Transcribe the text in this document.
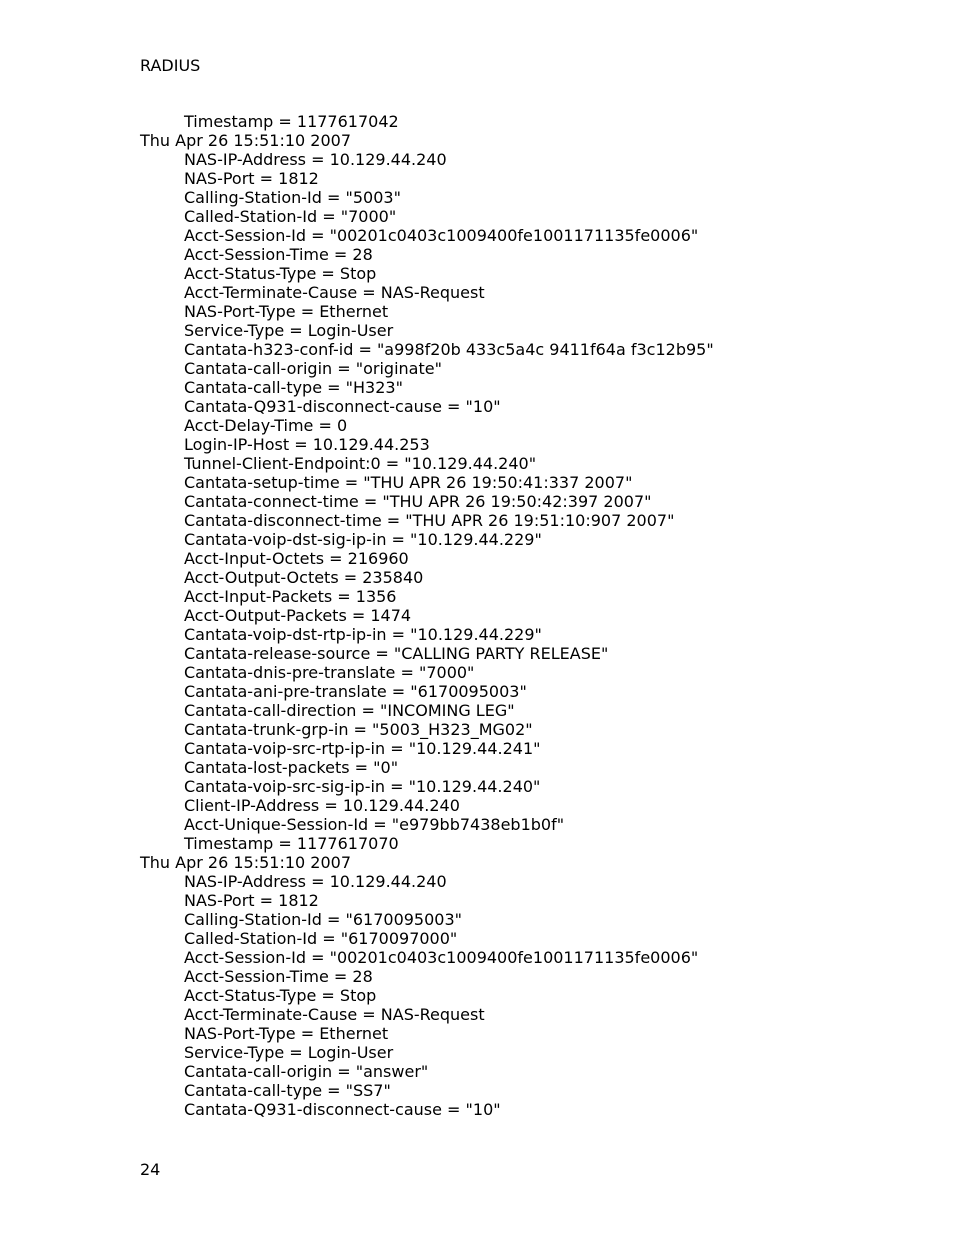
RADIUS
Timestamp = 1177617042
Thu Apr 26 15:51:10 2007
NAS-IP-Address = 10.129.44.240
NAS-Port = 1812
Calling-Station-Id = "5003"
Called-Station-Id = "7000"
Acct-Session-Id = "00201c0403c1009400fe1001171135fe0006"
Acct-Session-Time = 28
Acct-Status-Type = Stop
Acct-Terminate-Cause = NAS-Request
NAS-Port-Type = Ethernet
Service-Type = Login-User
Cantata-h323-conf-id = "a998f20b 433c5a4c 9411f64a f3c12b95"
Cantata-call-origin = "originate"
Cantata-call-type = "H323"
Cantata-Q931-disconnect-cause = "10"
Acct-Delay-Time = 0
Login-IP-Host = 10.129.44.253
Tunnel-Client-Endpoint:0 = "10.129.44.240"
Cantata-setup-time = "THU APR 26 19:50:41:337 2007"
Cantata-connect-time = "THU APR 26 19:50:42:397 2007"
Cantata-disconnect-time = "THU APR 26 19:51:10:907 2007"
Cantata-voip-dst-sig-ip-in = "10.129.44.229"
Acct-Input-Octets = 216960
Acct-Output-Octets = 235840
Acct-Input-Packets = 1356
Acct-Output-Packets = 1474
Cantata-voip-dst-rtp-ip-in = "10.129.44.229"
Cantata-release-source = "CALLING PARTY RELEASE"
Cantata-dnis-pre-translate = "7000"
Cantata-ani-pre-translate = "6170095003"
Cantata-call-direction = "INCOMING LEG"
Cantata-trunk-grp-in = "5003_H323_MG02"
Cantata-voip-src-rtp-ip-in = "10.129.44.241"
Cantata-lost-packets = "0"
Cantata-voip-src-sig-ip-in = "10.129.44.240"
Client-IP-Address = 10.129.44.240
Acct-Unique-Session-Id = "e979bb7438eb1b0f"
Timestamp = 1177617070
Thu Apr 26 15:51:10 2007
NAS-IP-Address = 10.129.44.240
NAS-Port = 1812
Calling-Station-Id = "6170095003"
Called-Station-Id = "6170097000"
Acct-Session-Id = "00201c0403c1009400fe1001171135fe0006"
Acct-Session-Time = 28
Acct-Status-Type = Stop
Acct-Terminate-Cause = NAS-Request
NAS-Port-Type = Ethernet
Service-Type = Login-User
Cantata-call-origin = "answer"
Cantata-call-type = "SS7"
Cantata-Q931-disconnect-cause = "10"
24
